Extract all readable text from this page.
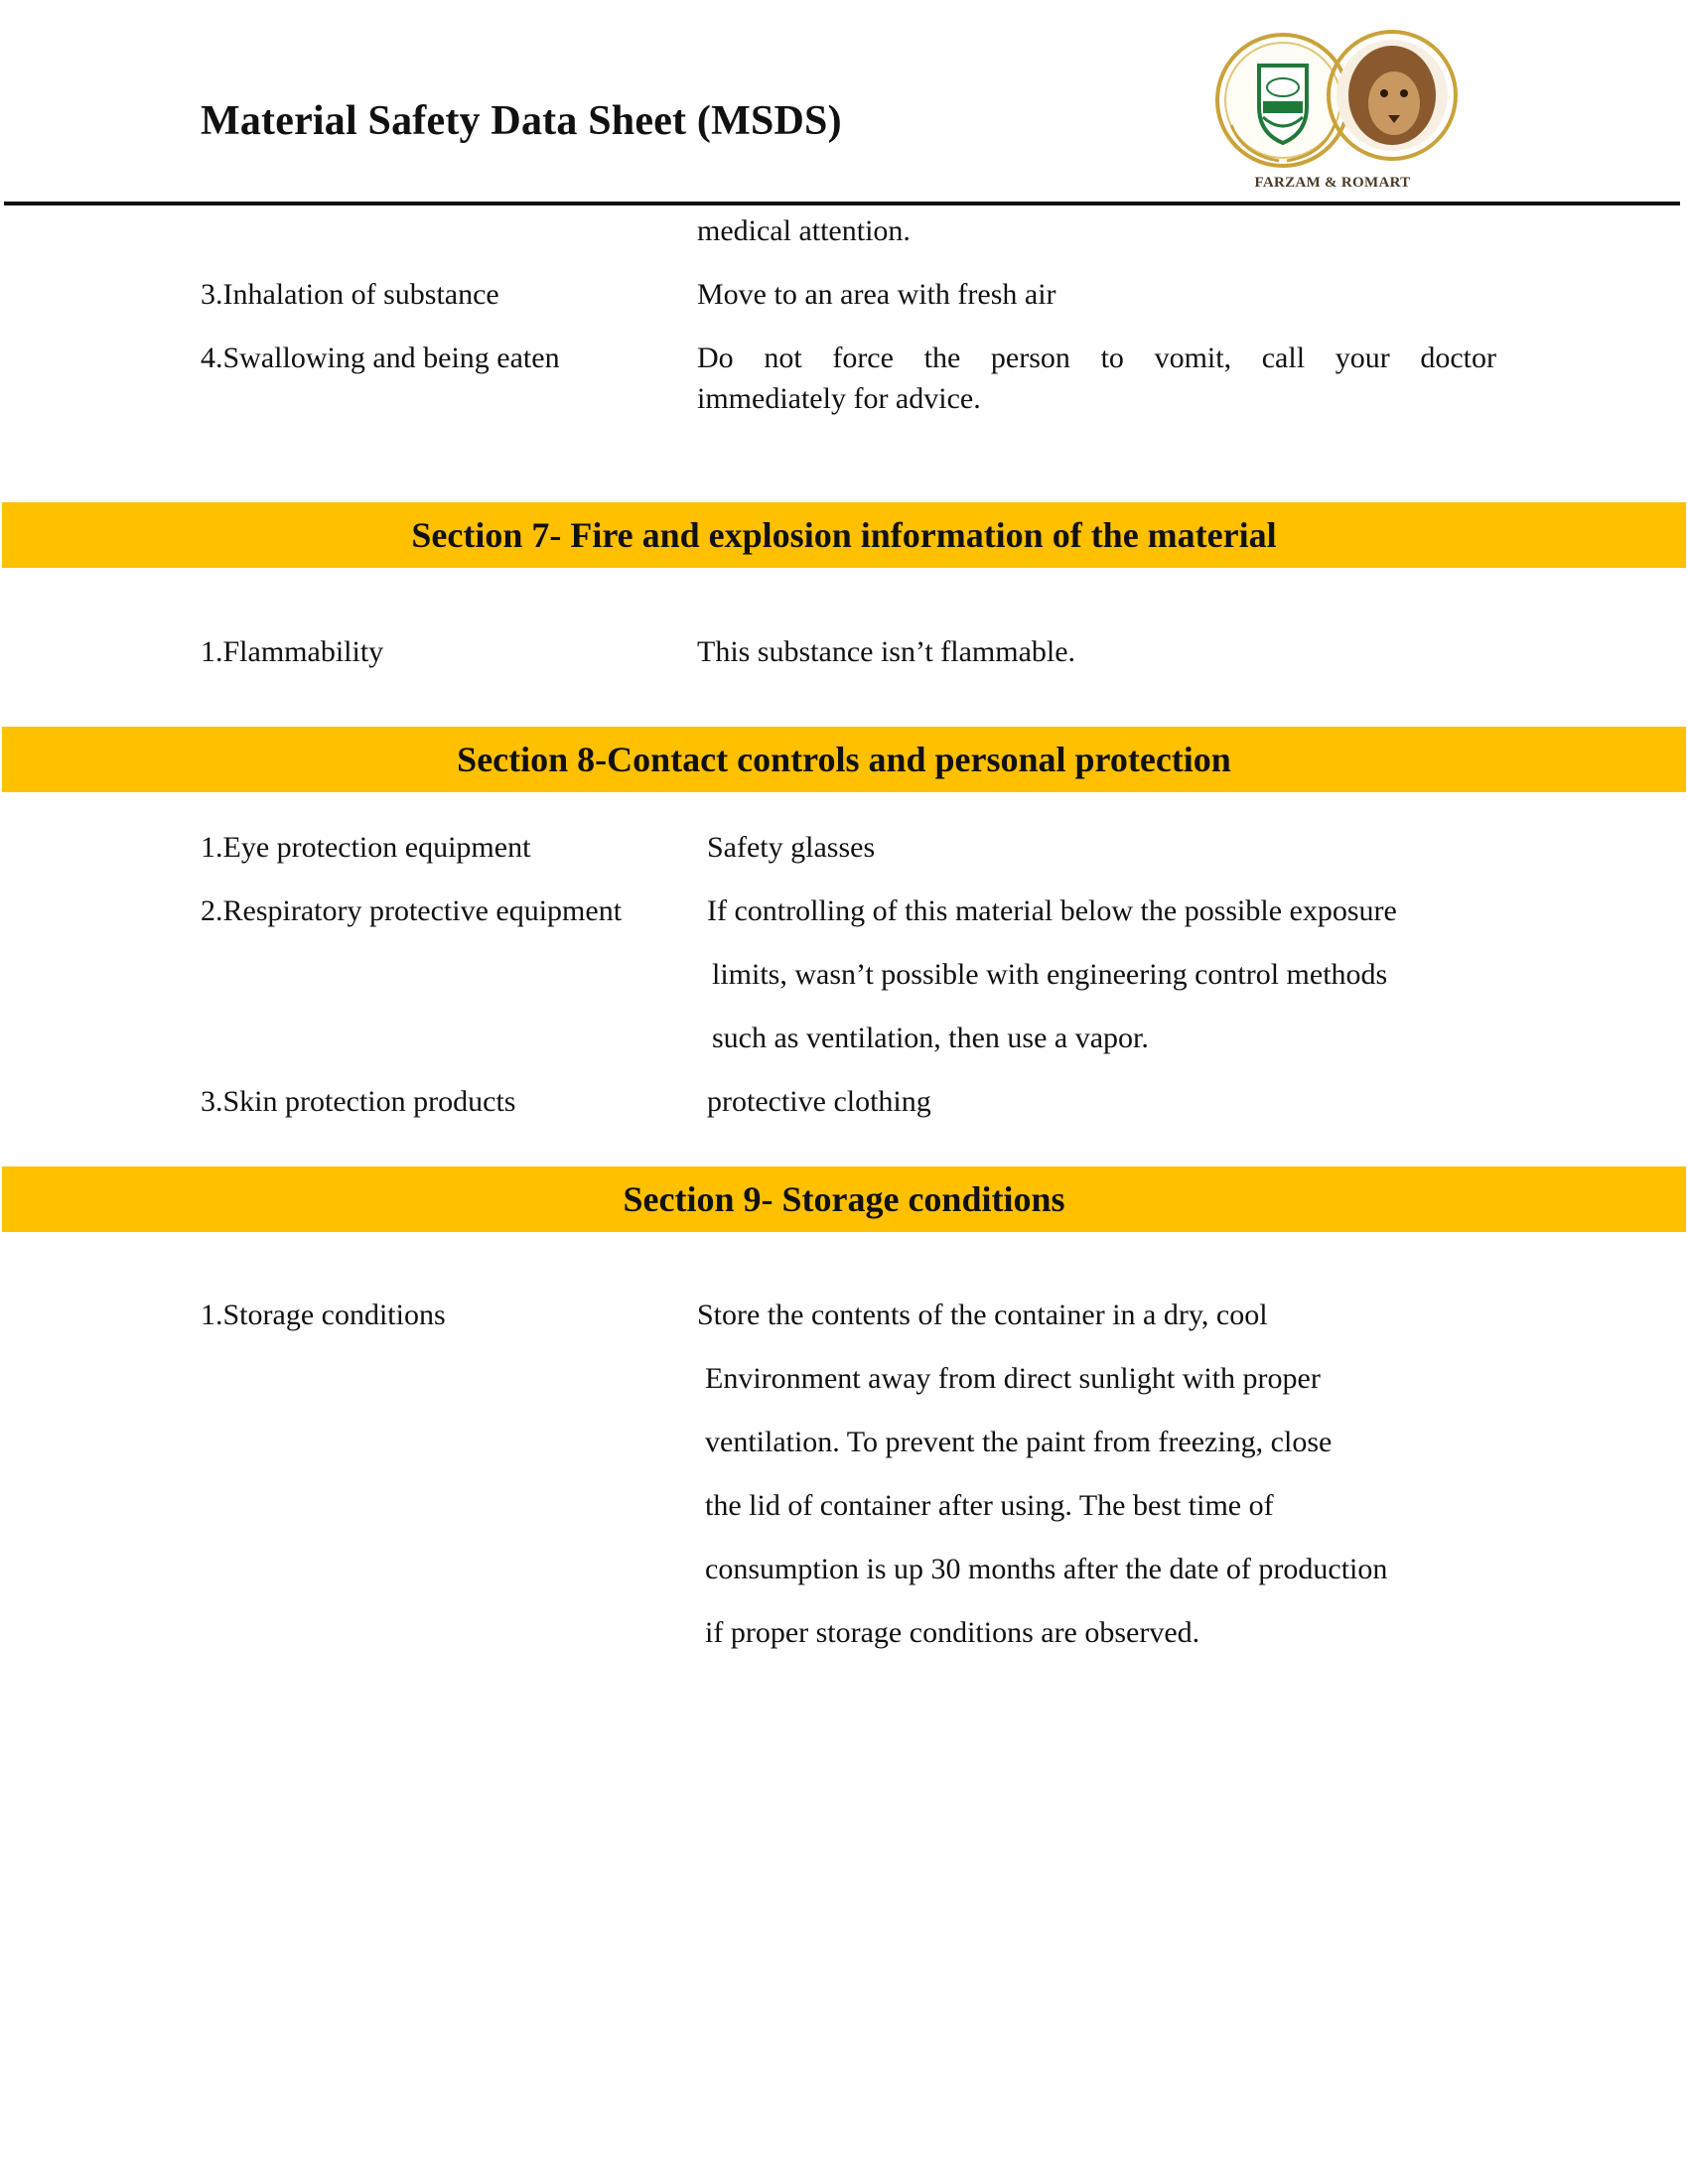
Material Safety Data Sheet (MSDS)
FARZAM & ROMART
medical attention.
3.Inhalation of substance	Move to an area with fresh air
4.Swallowing and being eaten	Do not force the person to vomit, call your doctor
immediately for advice.
Section 7- Fire and explosion information of the material
1.Flammability	This substance isn’t flammable.
Section 8-Contact controls and personal protection
1.Eye protection equipment	Safety glasses
2.Respiratory protective equipment	If controlling of this material below the possible exposure
limits, wasn’t possible with engineering control methods
such as ventilation, then use a vapor.
3.Skin protection products	protective clothing
Section 9- Storage conditions
1.Storage conditions	Store the contents of the container in a dry, cool
Environment away from direct sunlight with proper
ventilation. To prevent the paint from freezing, close
the lid of container after using. The best time of
consumption is up 30 months after the date of production
if proper storage conditions are observed.
